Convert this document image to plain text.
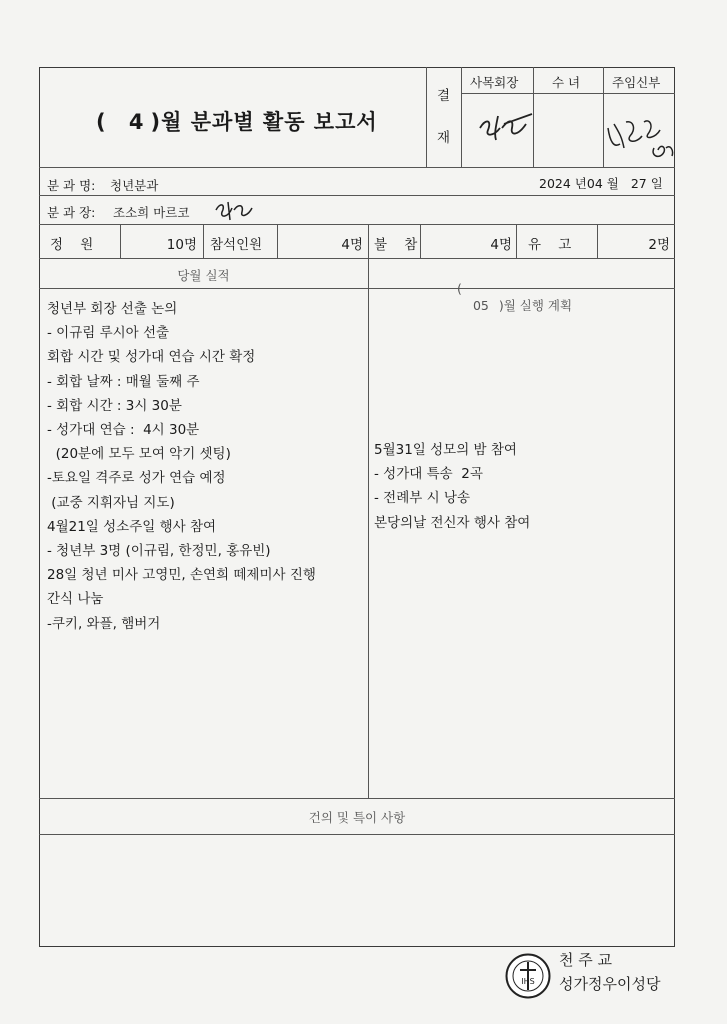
( 4 )월 분과별 활동 보고서
결
재
사목회장	수 녀	주임신부
분 과 명: 청년분과	2024 년04 월 27 일
분 과 장: 조소희 마르코
정    원	10명 참석인원	4명 불    참	4명 유    고	2명
당월 실적

(
05 )월 실행 계획

청년부 회장 선출 논의
- 이규림 루시아 선출
회합 시간 및 성가대 연습 시간 확정
- 회합 날짜 : 매월 둘째 주
- 회합 시간 : 3시 30분
- 성가대 연습 :  4시 30분
(20분에 모두 모여 악기 셋팅)
-토요일 격주로 성가 연습 예정
(교중 지휘자님 지도)
4월21일 성소주일 행사 참여
- 청년부 3명 (이규림, 한정민, 홍유빈)
28일 청년 미사 고영민, 손연희 떼제미사 진행
간식 나눔
-쿠키, 와플, 햄버거
5월31일 성모의 밤 참여
- 성가대 특송  2곡
- 전례부 시 낭송
본당의날 전신자 행사 참여
건의 및 특이 사항
IHS
천 주 교
성가정우이성당
